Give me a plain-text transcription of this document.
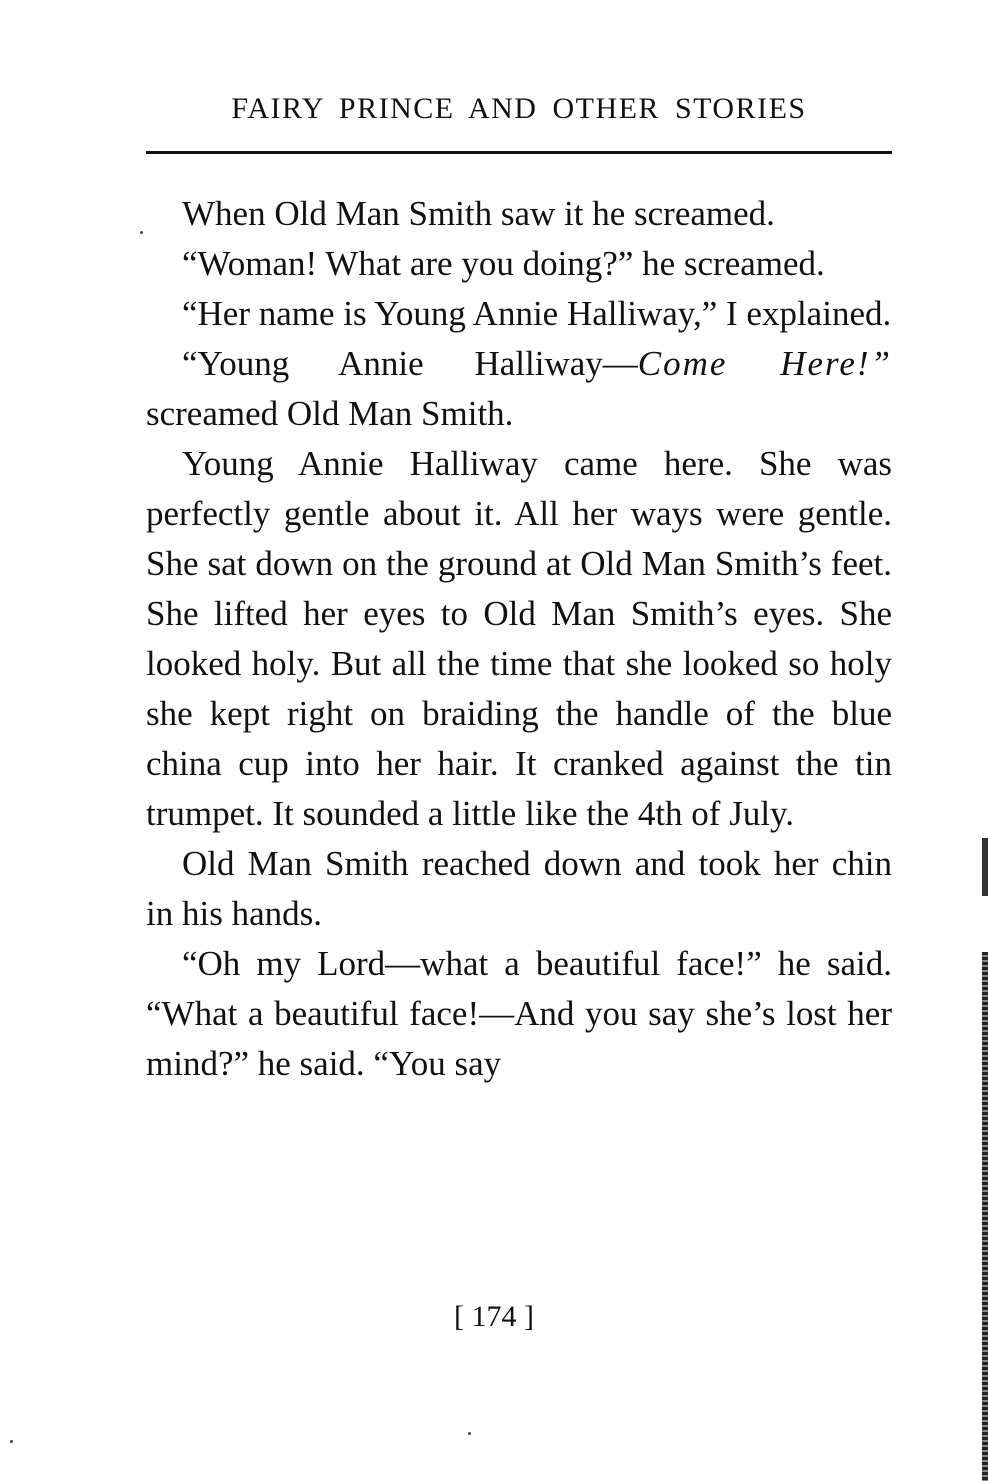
FAIRY PRINCE AND OTHER STORIES

When Old Man Smith saw it he screamed.

“Woman! What are you doing?” he screamed.

“Her name is Young Annie Halliway,” I explained.

“Young Annie Halliway—Come Here!” screamed Old Man Smith.

Young Annie Halliway came here. She was perfectly gentle about it. All her ways were gentle. She sat down on the ground at Old Man Smith’s feet. She lifted her eyes to Old Man Smith’s eyes. She looked holy. But all the time that she looked so holy she kept right on braiding the handle of the blue china cup into her hair. It cranked against the tin trumpet. It sounded a little like the 4th of July.

Old Man Smith reached down and took her chin in his hands.

“Oh my Lord—what a beautiful face!” he said. “What a beautiful face!—And you say she’s lost her mind?” he said. “You say

[ 174 ]
